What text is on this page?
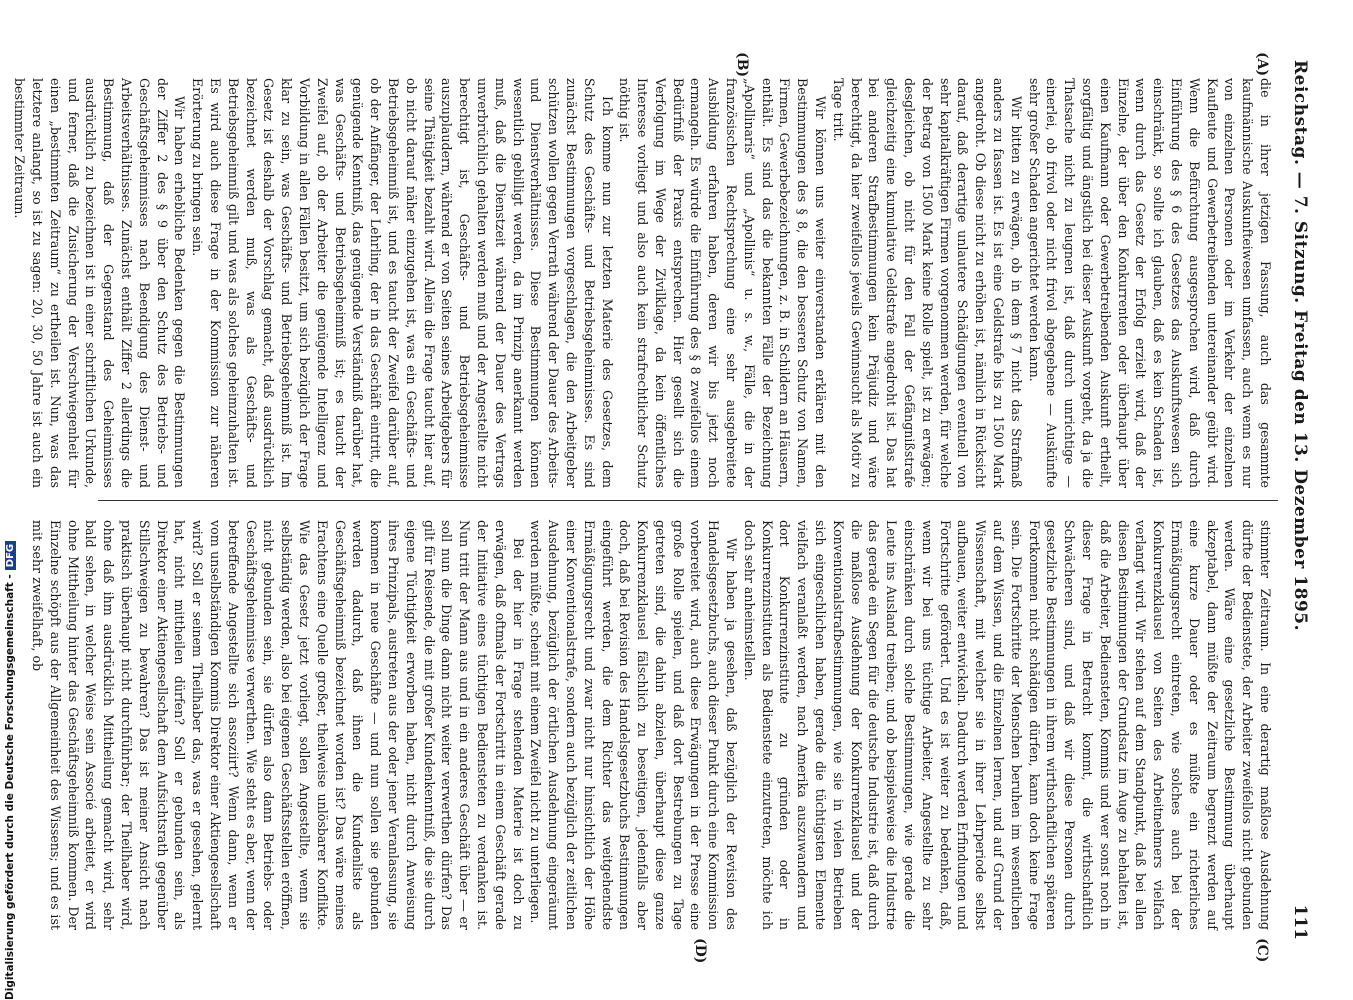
Reichstag. — 7. Sitzung. Freitag den 13. Dezember 1895.
111
(A)
(B)
(C)
(D)

die in ihrer jetzigen Fassung, auch das gesammte kaufmännische Auskunfteiwesen umfassen, auch wenn es nur von einzelnen Personen oder im Verkehr der einzelnen Kaufleute und Gewerbetreibenden untereinander geübt wird. Wenn die Befürchtung ausgesprochen wird, daß durch Einführung des § 6 des Gesetzes das Auskunftswesen sich einschränkt, so sollte ich glauben, daß es kein Schaden ist, wenn durch das Gesetz der Erfolg erzielt wird, daß der Einzelne, der über den Konkurrenten oder überhaupt über einen Kaufmann oder Gewerbetreibenden Auskunft ertheilt, sorgfältig und ängstlich bei dieser Auskunft vorgeht, da ja die Thatsache nicht zu leugnen ist, daß durch unrichtige — einerlei, ob frivol oder nicht frivol abgegebene — Auskünfte sehr großer Schaden angerichtet werden kann.

Wir bitten zu erwägen, ob in dem § 7 nicht das Strafmaß anders zu fassen ist. Es ist eine Geldstrafe bis zu 1500 Mark angedroht. Ob diese nicht zu erhöhen ist, nämlich in Rücksicht darauf, daß derartige unlautere Schädigungen eventuell von sehr kapitalkräftigen Firmen vorgenommen werden, für welche der Betrag von 1500 Mark keine Rolle spielt, ist zu erwägen; desgleichen, ob nicht für den Fall der Gefängnißstrafe gleichzeitig eine kumulative Geldstrafe angedroht ist. Das hat bei anderen Strafbestimmungen kein Präjudiz und wäre berechtigt, da hier zweifellos jeweils Gewinnsucht als Motiv zu Tage tritt.

Wir können uns weiter einverstanden erklären mit den Bestimmungen des § 8, die den besseren Schutz von Namen, Firmen, Gewerbebezeichnungen, z. B. in Schildern an Häusern, enthält. Es sind das die bekannten Fälle der Bezeichnung „Apollinaris“ und „Apollinis“ u. s. w., Fälle, die in der französischen Rechtsprechung eine sehr ausgebreitete Ausbildung erfahren haben, deren wir bis jetzt noch ermangeln. Es würde die Einführung des § 8 zweifellos einem Bedürfniß der Praxis entsprechen. Hier gesellt sich die Verfolgung im Wege der Zivilklage, da kein öffentliches Interesse vorliegt und also auch kein strafrechtlicher Schutz nöthig ist.

Ich komme nun zur letzten Materie des Gesetzes, dem Schutz des Geschäfts- und Betriebsgeheimnisses. Es sind zunächst Bestimmungen vorgeschlagen, die den Arbeitgeber schützen wollen gegen Verrath während der Dauer des Arbeits- und Dienstverhältnisses. Diese Bestimmungen können wesentlich gebilligt werden, da im Prinzip anerkannt werden muß, daß die Dienstzeit während der Dauer des Vertrags unverbrüchlich gehalten werden muß und der Angestellte nicht berechtigt ist, Geschäfts- und Betriebsgeheimnisse auszuplaudern, während er von Seiten seines Arbeitgebers für seine Thätigkeit bezahlt wird. Allein die Frage taucht hier auf, ob nicht darauf näher einzugehen ist, was ein Geschäfts- und Betriebsgeheimniß ist, und es taucht der Zweifel darüber auf, ob der Anfänger, der Lehrling, der in das Geschäft eintritt, die genügende Kenntniß, das genügende Verständniß darüber hat, was Geschäfts- und Betriebsgeheimniß ist; es taucht der Zweifel auf, ob der Arbeiter die genügende Intelligenz und Vorbildung in allen Fällen besitzt, um sich bezüglich der Frage klar zu sein, was Geschäfts- und Betriebsgeheimniß ist. Im Gesetz ist deshalb der Vorschlag gemacht, daß ausdrücklich bezeichnet werden muß, was als Geschäfts- und Betriebsgeheimniß gilt und was als solches geheimzuhalten ist. Es wird auch diese Frage in der Kommission zur näheren Erörterung zu bringen sein.

Wir haben erhebliche Bedenken gegen die Bestimmungen der Ziffer 2 des § 9 über den Schutz des Betriebs- und Geschäftsgeheimnisses nach Beendigung des Dienst- und Arbeitsverhältnisses. Zunächst enthält Ziffer 2 allerdings die Bestimmung, daß der Gegenstand des Geheimnisses ausdrücklich zu bezeichnen ist in einer schriftlichen Urkunde, und ferner, daß die Zusicherung der Verschwiegenheit für einen „bestimmten Zeitraum“ zu ertheilen ist. Nun, was das letztere anlangt, so ist zu sagen: 20, 30, 50 Jahre ist auch ein bestimmter Zeitraum.

stimmter Zeitraum. In eine derartig maßlose Ausdehnung dürfte der Bedienstete, der Arbeiter zweifellos nicht gebunden werden. Wäre eine gesetzliche Bestimmung überhaupt akzeptabel, dann müßte der Zeitraum begrenzt werden auf eine kurze Dauer oder es müßte ein richterliches Ermäßigungsrecht eintreten, wie solches auch bei der Konkurrenzklausel von Seiten des Arbeitnehmers vielfach verlangt wird. Wir stehen auf dem Standpunkt, daß bei allen diesen Bestimmungen der Grundsatz im Auge zu behalten ist, daß die Arbeiter, Bediensteten, Kommis und wer sonst noch in dieser Frage in Betracht kommt, die wirthschaftlich Schwächeren sind, und daß wir diese Personen durch gesetzliche Bestimmungen in ihrem wirthschaftlichen späteren Fortkommen nicht schädigen dürfen, kann doch keine Frage sein. Die Fortschritte der Menschen beruhen im wesentlichen auf dem Wissen, und die Einzelnen lernen, und auf Grund der Wissenschaft, mit welcher sie in ihrer Lehrperiode selbst aufbauen, weiter entwickeln. Dadurch werden Erfindungen und Fortschritte gefördert. Und es ist weiter zu bedenken, daß, wenn wir bei uns tüchtige Arbeiter, Angestellte zu sehr einschränken durch solche Bestimmungen, wie gerade die Leute ins Ausland treiben; und ob beispielsweise die Industrie das gerade ein Segen für die deutsche Industrie ist, daß durch die maßlose Ausdehnung der Konkurrenzklausel und der Konventionalstrafbestimmungen, wie sie in vielen Betrieben sich eingeschlichen haben, gerade die tüchtigsten Elemente vielfach veranlaßt werden, nach Amerika auszuwandern und dort Konkurrenzinstitute zu gründen oder in Konkurrenzinstituten als Bedienstete einzutreten, möchte ich doch sehr anheimstellen.

Wir haben ja gesehen, daß bezüglich der Revision des Handelsgesetzbuchs, auch dieser Punkt durch eine Kommission vorbereitet wird, auch diese Erwägungen in der Presse eine große Rolle spielen, und daß dort Bestrebungen zu Tage getreten sind, die dahin abzielen, überhaupt diese ganze Konkurrenzklausel fälschlich zu beseitigen, jedenfalls aber doch, daß bei Revision des Handelsgesetzbuchs Bestimmungen eingeführt werden, die dem Richter das weitgehendste Ermäßigungsrecht und zwar nicht nur hinsichtlich der Höhe einer Konventionalstrafe, sondern auch bezüglich der zeitlichen Ausdehnung, bezüglich der örtlichen Ausdehnung eingeräumt werden müßte, scheint mit einem Zweifel nicht zu unterliegen.

Bei der hier in Frage stehenden Materie ist doch zu erwägen, daß oftmals der Fortschritt in einem Geschäft gerade der Initiative eines tüchtigen Bediensteten zu verdanken ist. Nun tritt der Mann aus und in ein anderes Geschäft über — er soll nun die Dinge dann nicht weiter verwerthen dürfen? Das gilt für Reisende, die mit großer Kundenkenntniß, die sie durch eigene Tüchtigkeit erworben haben, nicht durch Anweisung ihres Prinzipals, austreten aus der oder jener Veranlassung, sie kommen in neue Geschäfte — und nun sollen sie gebunden werden dadurch, daß ihnen die Kundenliste als Geschäftsgeheimniß bezeichnet worden ist? Das wäre meines Erachtens eine Quelle großer, theilweise unlösbarer Konflikte. Wie das Gesetz jetzt vorliegt, sollen Angestellte, wenn sie selbständig werden, also bei eigenen Geschäftsstellen eröffnen, nicht gebunden sein, sie dürfen also dann Betriebs- oder Geschäftsgeheimnisse verwerthen. Wie steht es aber, wenn der betreffende Angestellte sich assoziirt? Wenn dann, wenn er vom unselbständigen Kommis Direktor einer Aktiengesellschaft wird? Soll er seinem Theilhaber das, was er gesehen, gelernt hat, nicht mittheilen dürfen? Soll er gebunden sein, als Direktor einer Aktiengesellschaft dem Aufsichtsrath gegenüber Stillschweigen zu bewahren? Das ist meiner Ansicht nach praktisch überhaupt nicht durchführbar; der Theilhaber wird, ohne daß ihm ausdrücklich Mittheilung gemacht wird, sehr bald sehen, in welcher Weise sein Associé arbeitet, er wird ohne Mittheilung hinter das Geschäftsgeheimniß kommen. Der Einzelne schöpft aus der Allgemeinheit des Wissens; und es ist mit sehr zweifelhaft, ob

Digitalisierung gefördert durch die Deutsche Forschungsgemeinschaft -DFG
